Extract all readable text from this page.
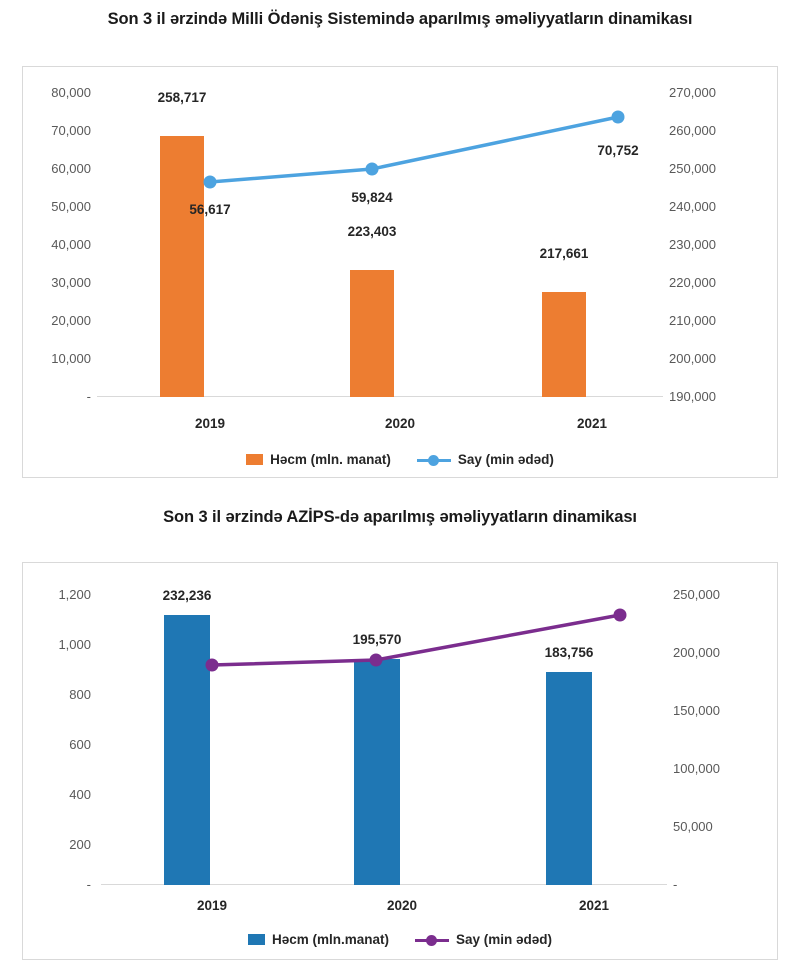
Son 3 il ərzində Milli Ödəniş Sistemində aparılmış əməliyyatların dinamikası
80,000
70,000
60,000
50,000
40,000
30,000
20,000
10,000
-
270,000
260,000
250,000
240,000
230,000
220,000
210,000
200,000
190,000
258,717
223,403
217,661
56,617
59,824
70,752
2019	2020	2021
Həcm (mln. manat)	Say (min ədəd)
Son 3 il ərzində AZİPS-də aparılmış əməliyyatların dinamikası
1,200
1,000
800
600
400
200
-
250,000
200,000
150,000
100,000
50,000
-
232,236
195,570
183,756
2019	2020	2021
Həcm (mln.manat)	Say (min ədəd)
